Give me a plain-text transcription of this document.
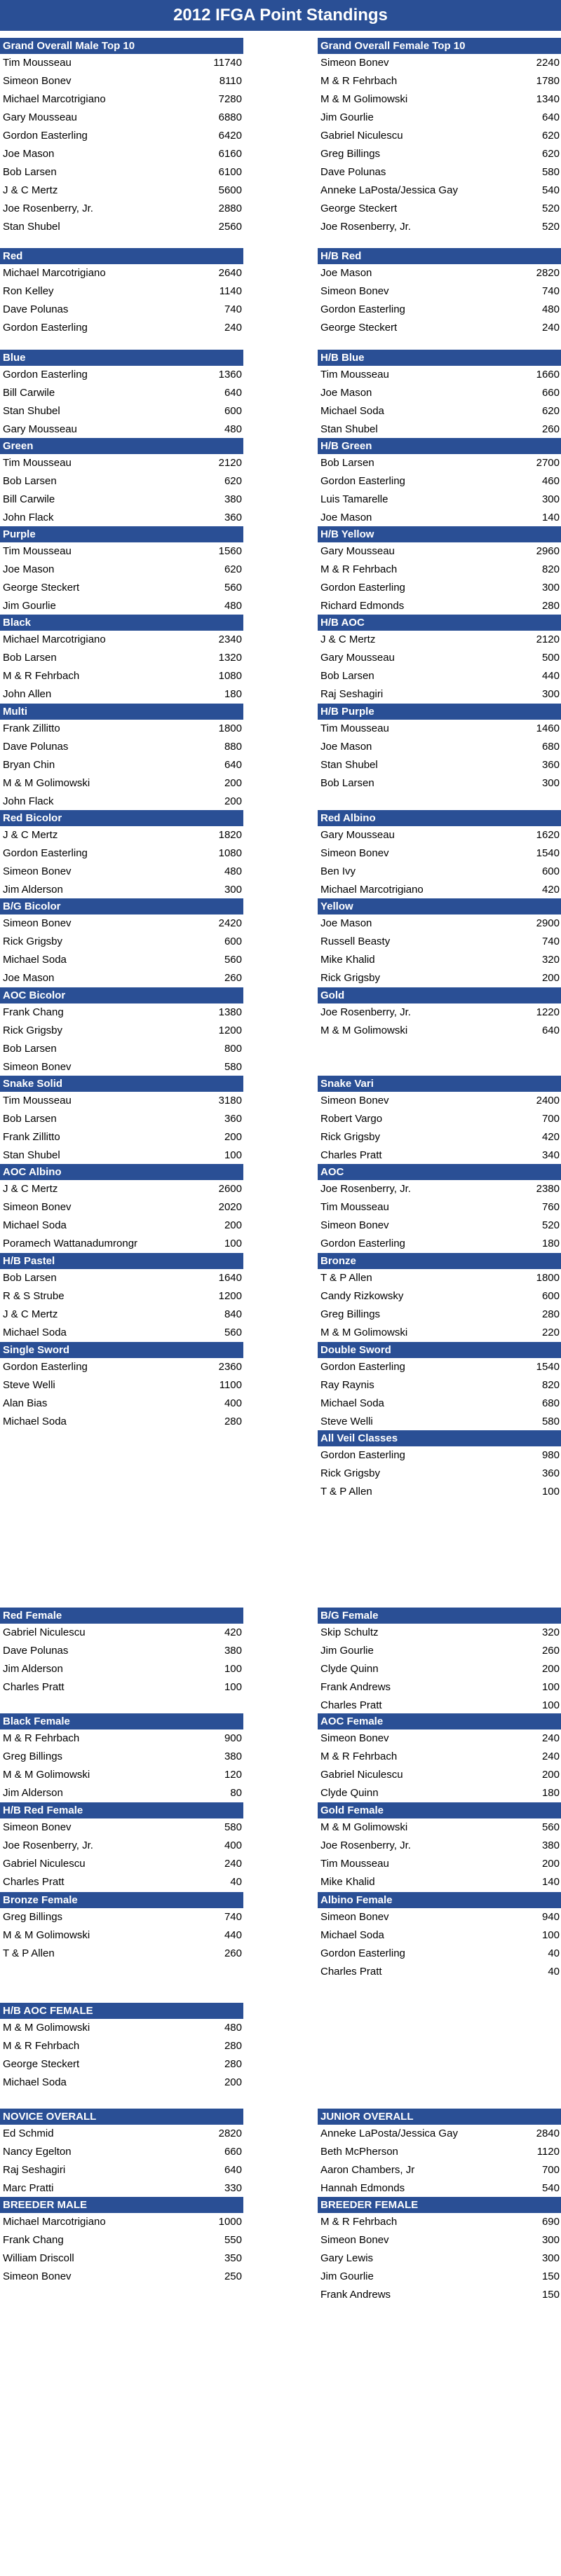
2012 IFGA Point Standings
Grand Overall Male Top 10
Tim Mousseau	11740
Simeon Bonev	8110
Michael Marcotrigiano	7280
Gary Mousseau	6880
Gordon Easterling	6420
Joe Mason	6160
Bob Larsen	6100
J & C Mertz	5600
Joe Rosenberry, Jr.	2880
Stan Shubel	2560
Red
Michael Marcotrigiano	2640
Ron Kelley	1140
Dave Polunas	740
Gordon Easterling	240
Blue
Gordon Easterling	1360
Bill Carwile	640
Stan Shubel	600
Gary Mousseau	480
Green
Tim Mousseau	2120
Bob Larsen	620
Bill Carwile	380
John Flack	360
Purple
Tim Mousseau	1560
Joe Mason	620
George Steckert	560
Jim Gourlie	480
Black
Michael Marcotrigiano	2340
Bob Larsen	1320
M & R Fehrbach	1080
John Allen	180
Multi
Frank Zillitto	1800
Dave Polunas	880
Bryan Chin	640
M & M Golimowski	200
John Flack	200
Red Bicolor
J & C Mertz	1820
Gordon Easterling	1080
Simeon Bonev	480
Jim Alderson	300
B/G Bicolor
Simeon Bonev	2420
Rick Grigsby	600
Michael Soda	560
Joe Mason	260
AOC Bicolor
Frank Chang	1380
Rick Grigsby	1200
Bob Larsen	800
Simeon Bonev	580
Snake Solid
Tim Mousseau	3180
Bob Larsen	360
Frank Zillitto	200
Stan Shubel	100
AOC Albino
J & C Mertz	2600
Simeon Bonev	2020
Michael Soda	200
Poramech Wattanadumrongr	100
H/B Pastel
Bob Larsen	1640
R & S Strube	1200
J & C Mertz	840
Michael Soda	560
Single Sword
Gordon Easterling	2360
Steve Welli	1100
Alan Bias	400
Michael Soda	280
Red Female
Gabriel Niculescu	420
Dave Polunas	380
Jim Alderson	100
Charles Pratt	100
Black Female
M & R Fehrbach	900
Greg Billings	380
M & M Golimowski	120
Jim Alderson	80
H/B Red Female
Simeon Bonev	580
Joe Rosenberry, Jr.	400
Gabriel Niculescu	240
Charles Pratt	40
Bronze Female
Greg Billings	740
M & M Golimowski	440
T & P Allen	260
H/B AOC FEMALE
M & M Golimowski	480
M & R Fehrbach	280
George Steckert	280
Michael Soda	200
NOVICE OVERALL
Ed Schmid	2820
Nancy Egelton	660
Raj Seshagiri	640
Marc Pratti	330
BREEDER MALE
Michael Marcotrigiano	1000
Frank Chang	550
William Driscoll	350
Simeon Bonev	250
Grand Overall Female Top 10
Simeon Bonev	2240
M & R Fehrbach	1780
M & M Golimowski	1340
Jim Gourlie	640
Gabriel Niculescu	620
Greg Billings	620
Dave Polunas	580
Anneke LaPosta/Jessica Gay	540
George Steckert	520
Joe Rosenberry, Jr.	520
H/B Red
Joe Mason	2820
Simeon Bonev	740
Gordon Easterling	480
George Steckert	240
H/B Blue
Tim Mousseau	1660
Joe Mason	660
Michael Soda	620
Stan Shubel	260
H/B Green
Bob Larsen	2700
Gordon Easterling	460
Luis Tamarelle	300
Joe Mason	140
H/B Yellow
Gary Mousseau	2960
M & R Fehrbach	820
Gordon Easterling	300
Richard Edmonds	280
H/B AOC
J & C Mertz	2120
Gary Mousseau	500
Bob Larsen	440
Raj Seshagiri	300
H/B Purple
Tim Mousseau	1460
Joe Mason	680
Stan Shubel	360
Bob Larsen	300
Red Albino
Gary Mousseau	1620
Simeon Bonev	1540
Ben Ivy	600
Michael Marcotrigiano	420
Yellow
Joe Mason	2900
Russell Beasty	740
Mike Khalid	320
Rick Grigsby	200
Gold
Joe Rosenberry, Jr.	1220
M & M Golimowski	640
Snake Vari
Simeon Bonev	2400
Robert Vargo	700
Rick Grigsby	420
Charles Pratt	340
AOC
Joe Rosenberry, Jr.	2380
Tim Mousseau	760
Simeon Bonev	520
Gordon Easterling	180
Bronze
T & P Allen	1800
Candy Rizkowsky	600
Greg Billings	280
M & M Golimowski	220
Double Sword
Gordon Easterling	1540
Ray Raynis	820
Michael Soda	680
Steve Welli	580
All Veil Classes
Gordon Easterling	980
Rick Grigsby	360
T & P Allen	100
B/G Female
Skip Schultz	320
Jim Gourlie	260
Clyde Quinn	200
Frank Andrews	100
Charles Pratt	100
AOC Female
Simeon Bonev	240
M & R Fehrbach	240
Gabriel Niculescu	200
Clyde Quinn	180
Gold Female
M & M Golimowski	560
Joe Rosenberry, Jr.	380
Tim Mousseau	200
Mike Khalid	140
Albino Female
Simeon Bonev	940
Michael Soda	100
Gordon Easterling	40
Charles Pratt	40
JUNIOR OVERALL
Anneke LaPosta/Jessica Gay	2840
Beth McPherson	1120
Aaron Chambers, Jr	700
Hannah Edmonds	540
BREEDER FEMALE
M & R Fehrbach	690
Simeon Bonev	300
Gary Lewis	300
Jim Gourlie	150
Frank Andrews	150
